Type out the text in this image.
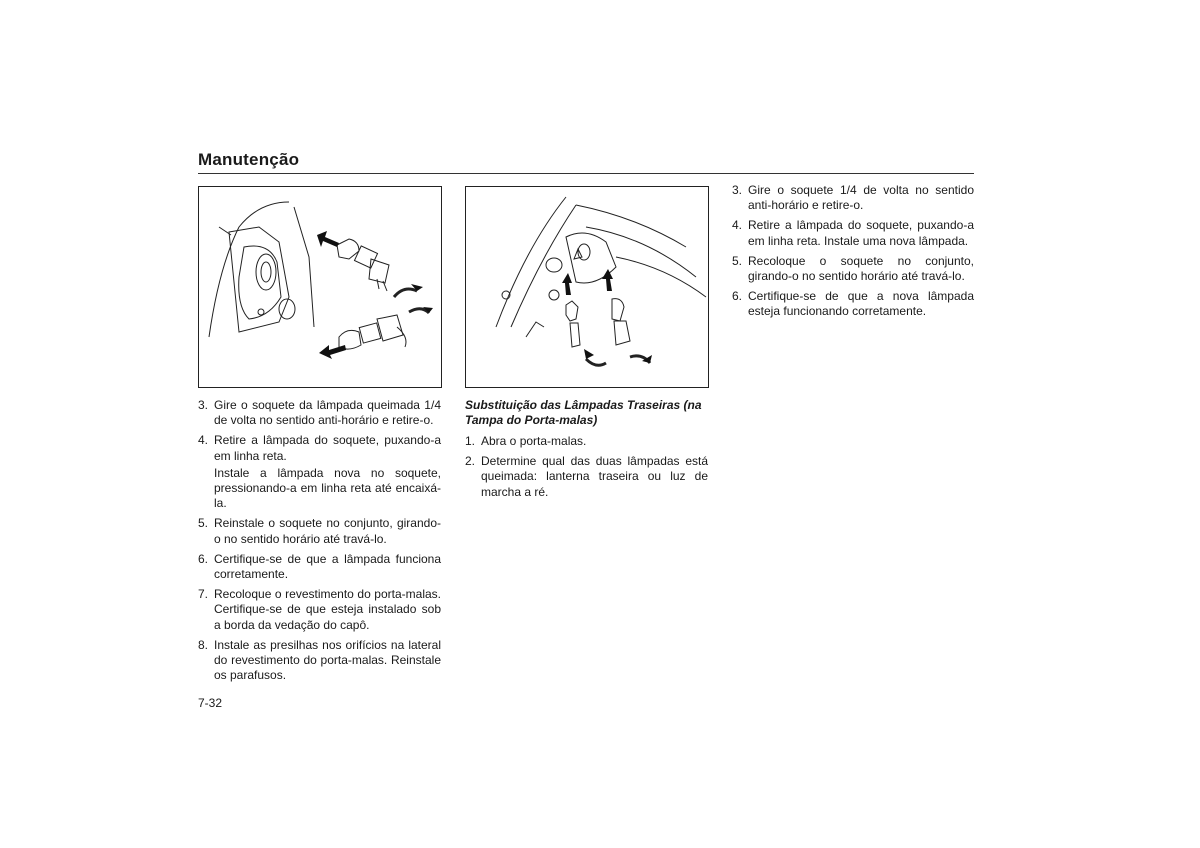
Manutenção
3. Gire o soquete da lâmpada queimada 1/4 de volta no sentido anti-horário e retire-o.

4. Retire a lâmpada do soquete, puxando-a em linha reta.

Instale a lâmpada nova no soquete, pressionando-a em linha reta até encaixá-la.

5. Reinstale o soquete no conjunto, girando-o no sentido horário até travá-lo.

6. Certifique-se de que a lâmpada funciona corretamente.

7. Recoloque o revestimento do porta-malas. Certifique-se de que esteja instalado sob a borda da vedação do capô.

8. Instale as presilhas nos orifícios na lateral do revestimento do porta-malas. Reinstale os parafusos.

Substituição das Lâmpadas Traseiras (na Tampa do Porta-malas)

1. Abra o porta-malas.

2. Determine qual das duas lâmpadas está queimada: lanterna traseira ou luz de marcha a ré.

3. Gire o soquete 1/4 de volta no sentido anti-horário e retire-o.

4. Retire a lâmpada do soquete, puxando-a em linha reta. Instale uma nova lâmpada.

5. Recoloque o soquete no conjunto, girando-o no sentido horário até travá-lo.

6. Certifique-se de que a nova lâmpada esteja funcionando corretamente.

7-32
